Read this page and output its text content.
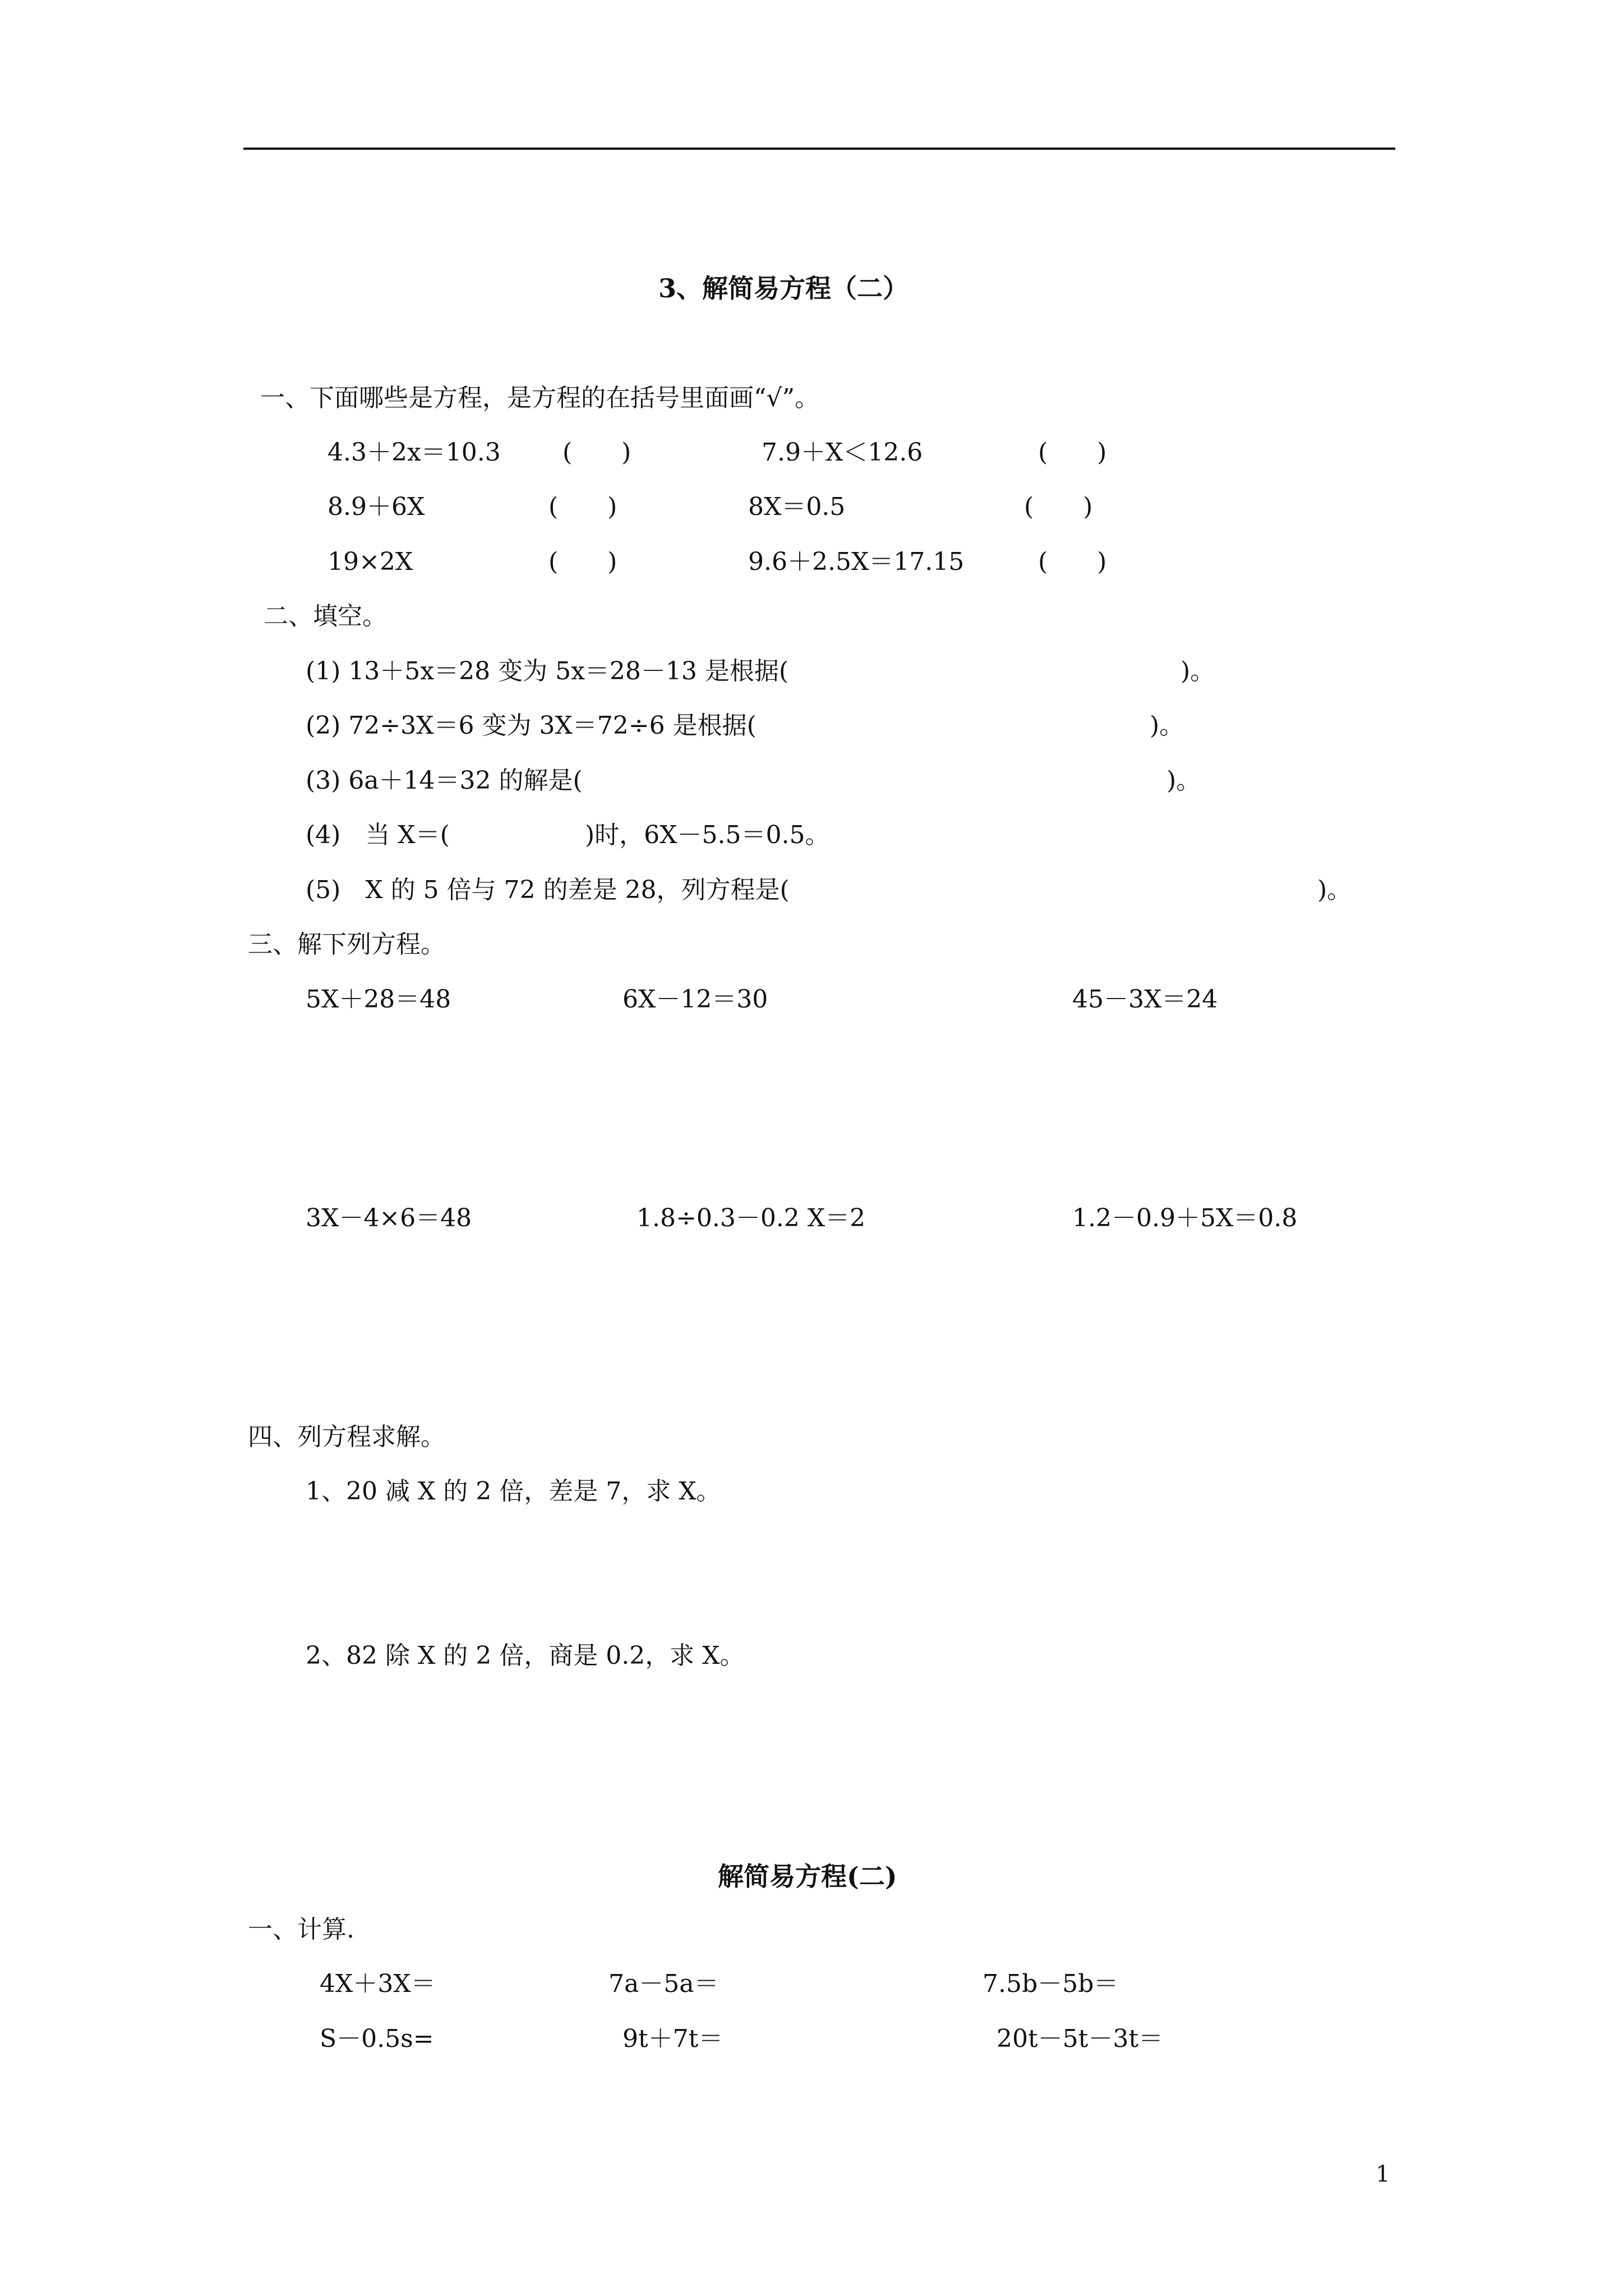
3、解简易方程（二）
一、下面哪些是方程，是方程的在括号里面画“√”。
4.3＋2x＝10.3	(　　)	7.9＋X＜12.6	(　　)
8.9＋6X	(　　)	8X＝0.5	(　　)
19×2X	(　　)	9.6＋2.5X＝17.15	(　　)
二、填空。
(1) 13＋5x＝28 变为 5x＝28－13 是根据(	)。
(2) 72÷3X＝6 变为 3X＝72÷6 是根据(	)。
(3) 6a＋14＝32 的解是(	)。
(4)　当 X＝(	)时，6X－5.5＝0.5。
(5)　X 的 5 倍与 72 的差是 28，列方程是(	)。
三、解下列方程。
5X＋28＝48	6X－12＝30	45－3X＝24
3X－4×6＝48	1.8÷0.3－0.2 X＝2	1.2－0.9＋5X＝0.8
四、列方程求解。
1、20 减 X 的 2 倍，差是 7，求 X。
2、82 除 X 的 2 倍，商是 0.2，求 X。
解简易方程(二)
一、计算.
4X＋3X＝	7a－5a＝	7.5b－5b＝
S－0.5s=	9t＋7t＝	20t－5t－3t＝
1
